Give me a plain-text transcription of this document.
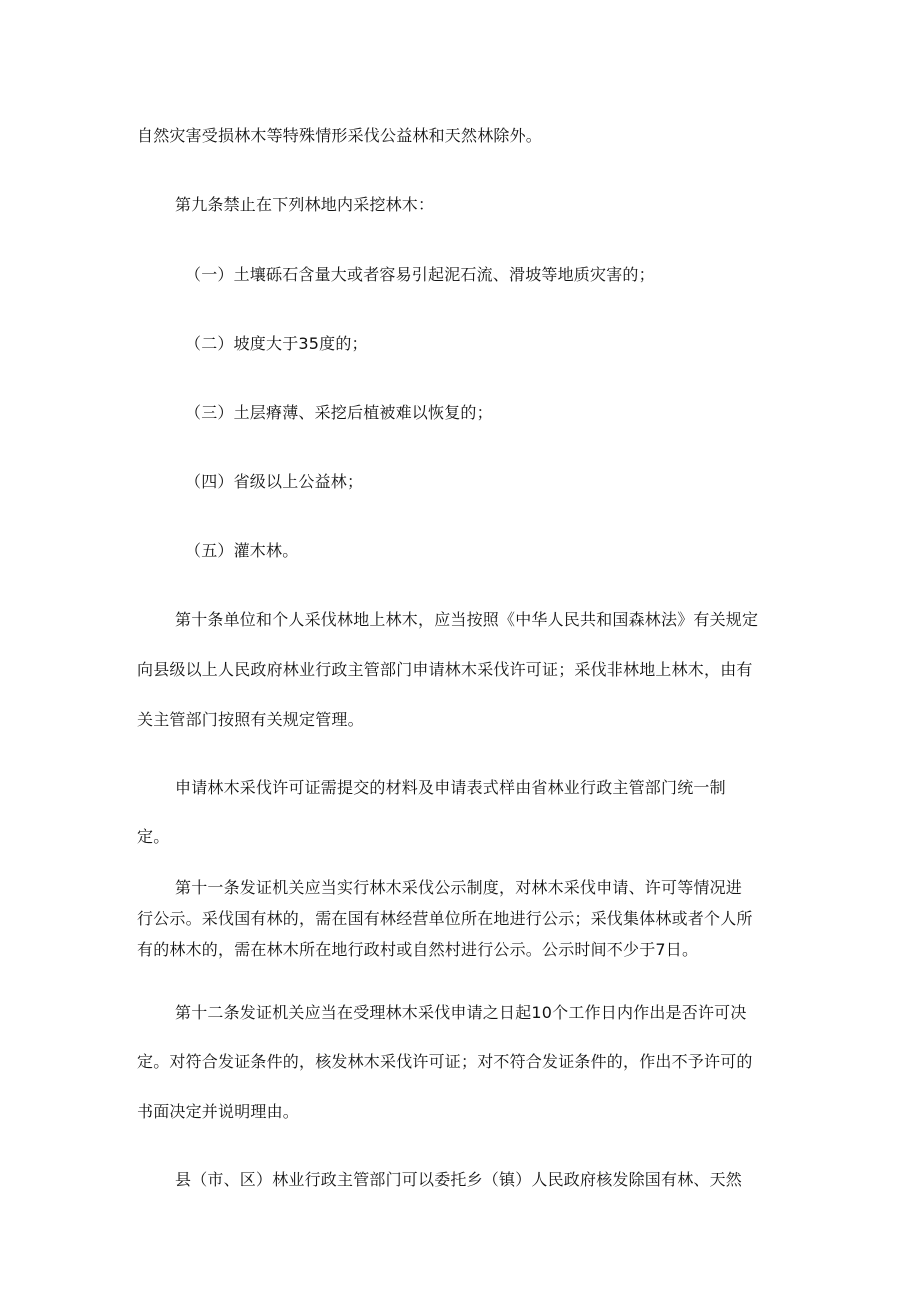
自然灾害受损林木等特殊情形采伐公益林和天然林除外。
第九条禁止在下列林地内采挖林木：
（一）土壤砾石含量大或者容易引起泥石流、滑坡等地质灾害的；
（二）坡度大于35度的；
（三）土层瘠薄、采挖后植被难以恢复的；
（四）省级以上公益林；
（五）灌木林。
第十条单位和个人采伐林地上林木，应当按照《中华人民共和国森林法》有关规定
向县级以上人民政府林业行政主管部门申请林木采伐许可证；采伐非林地上林木，由有
关主管部门按照有关规定管理。
申请林木采伐许可证需提交的材料及申请表式样由省林业行政主管部门统一制
定。
第十一条发证机关应当实行林木采伐公示制度，对林木采伐申请、许可等情况进
行公示。采伐国有林的，需在国有林经营单位所在地进行公示；采伐集体林或者个人所
有的林木的，需在林木所在地行政村或自然村进行公示。公示时间不少于7日。
第十二条发证机关应当在受理林木采伐申请之日起10个工作日内作出是否许可决
定。对符合发证条件的，核发林木采伐许可证；对不符合发证条件的，作出不予许可的
书面决定并说明理由。
县（市、区）林业行政主管部门可以委托乡（镇）人民政府核发除国有林、天然
